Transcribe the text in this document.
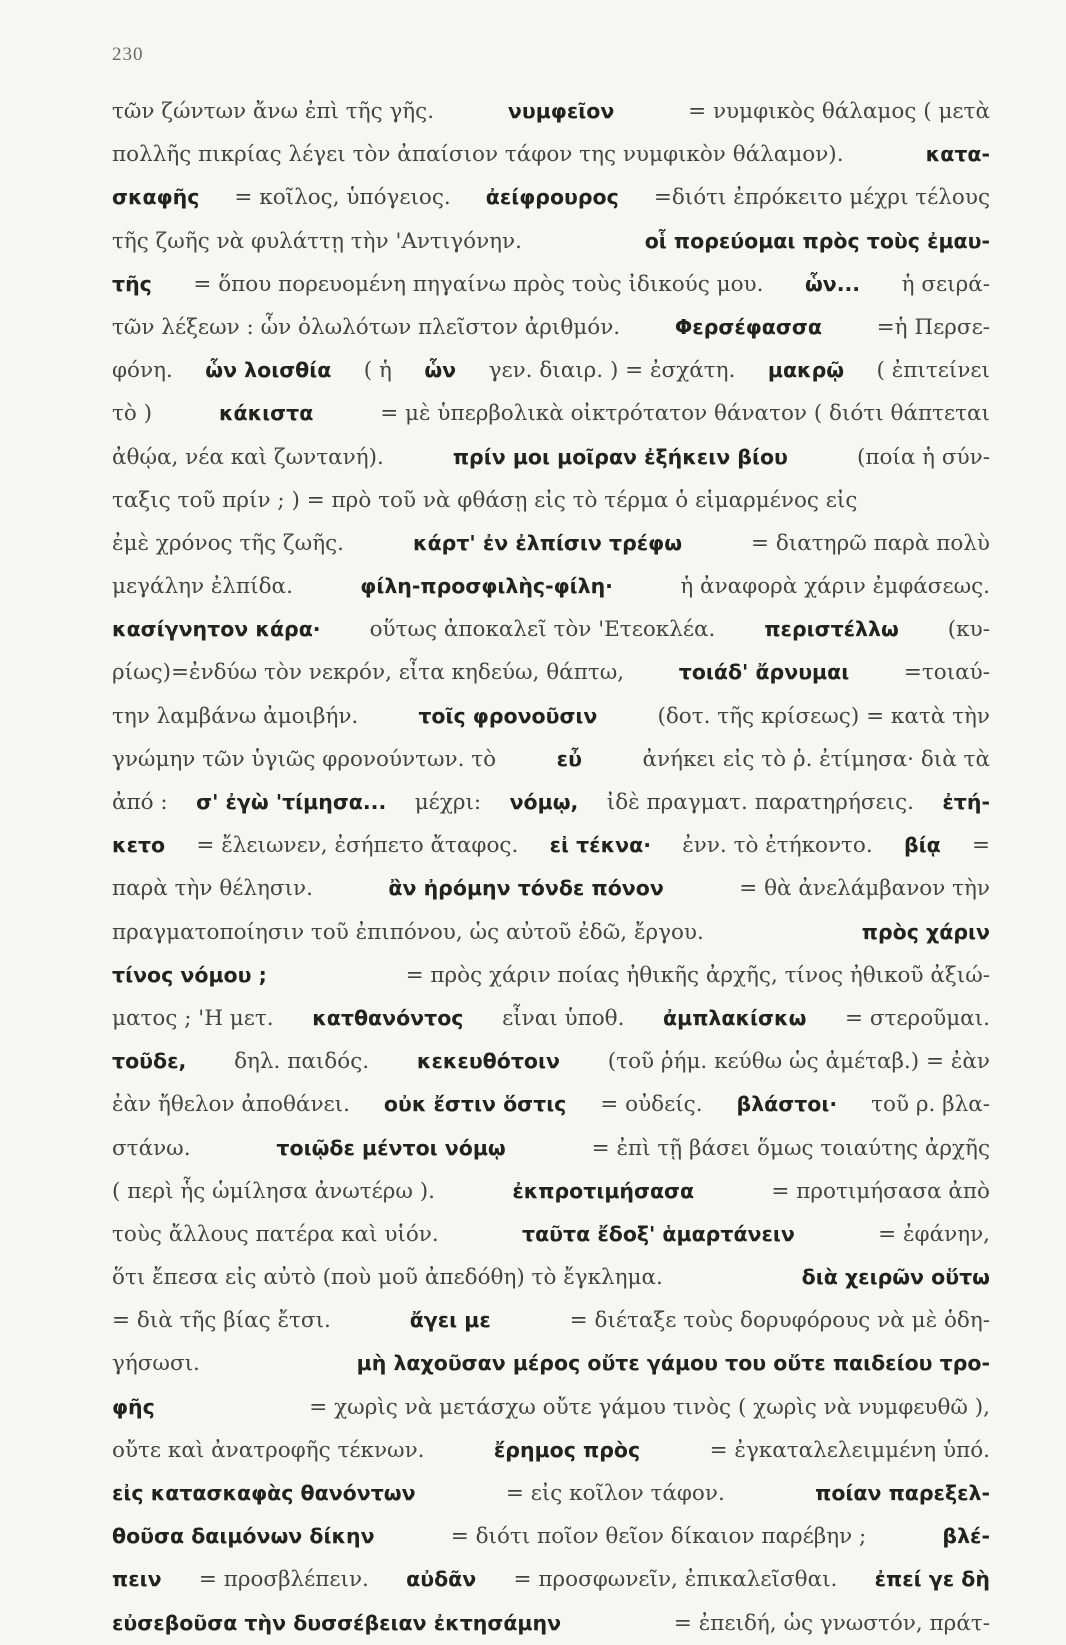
230
τῶν ζώντων ἄνω ἐπὶ τῆς γῆς.	νυμφεῖον	= νυμφικὸς θάλαμος ( μετὰ
πολλῆς πικρίας λέγει τὸν ἀπαίσιον τάφον της νυμφικὸν θάλαμον).	κατα-
σκαφῆς = κοῖλος, ὑπόγειος. ἀείφρουρος =διότι ἐπρόκειτο μέχρι τέλους
τῆς ζωῆς νὰ φυλάττῃ τὴν 'Αντιγόνην.	οἷ πορεύομαι πρὸς τοὺς ἐμαυ-
τῆς = ὅπου πορευομένη πηγαίνω πρὸς τοὺς ἰδικούς μου. ὧν... ἡ σειρά-
τῶν λέξεων : ὧν ὀλωλότων πλεῖστον ἀριθμόν.	Φερσέφασσα	=ἡ Περσε-
φόνη. ὧν λοισθία ( ἡ ὧν γεν. διαιρ. ) = ἐσχάτη. μακρῷ ( ἐπιτείνει
τὸ )	κάκιστα	= μὲ ὑπερβολικὰ οἰκτρότατον θάνατον ( διότι θάπτεται
ἀθῴα, νέα καὶ ζωντανή).	πρίν μοι μοῖραν ἐξήκειν βίου	(ποία ἡ σύν-
ταξις τοῦ πρίν ; ) = πρὸ τοῦ νὰ φθάσῃ εἰς τὸ τέρμα ὁ εἱμαρμένος εἰς
ἐμὲ χρόνος τῆς ζωῆς.	κάρτ' ἐν ἐλπίσιν τρέφω	= διατηρῶ παρὰ πολὺ
μεγάλην ἐλπίδα.	φίλη-προσφιλὴς-φίλη·	ἡ ἀναφορὰ χάριν ἐμφάσεως.
κασίγνητον κάρα· οὕτως ἀποκαλεῖ τὸν 'Ετεοκλέα. περιστέλλω (κυ-
ρίως)=ἐνδύω τὸν νεκρόν, εἶτα κηδεύω, θάπτω,	τοιάδ' ἄρνυμαι	=τοιαύ-
την λαμβάνω ἀμοιβήν.	τοῖς φρονοῦσιν	(δοτ. τῆς κρίσεως) = κατὰ τὴν
γνώμην τῶν ὑγιῶς φρονούντων. τὸ	εὖ	ἀνήκει εἰς τὸ ῥ. ἐτίμησα· διὰ τὰ
ἀπό : σ' ἐγὼ 'τίμησα... μέχρι: νόμῳ, ἰδὲ πραγματ. παρατηρήσεις. ἐτή-
κετο = ἔλειωνεν, ἐσήπετο ἄταφος. εἰ τέκνα· ἐνν. τὸ ἐτήκοντο. βίᾳ =
παρὰ τὴν θέλησιν.	ἂν ἠρόμην τόνδε πόνον	= θὰ ἀνελάμβανον τὴν
πραγματοποίησιν τοῦ ἐπιπόνου, ὡς αὐτοῦ ἐδῶ, ἔργου.	πρὸς χάριν
τίνος νόμου ;	= πρὸς χάριν ποίας ἠθικῆς ἀρχῆς, τίνος ἠθικοῦ ἀξιώ-
ματος ; 'Η μετ. κατθανόντος εἶναι ὑποθ. ἀμπλακίσκω = στεροῦμαι.
τοῦδε, δηλ. παιδός. κεκευθότοιν (τοῦ ῥήμ. κεύθω ὡς ἀμέταβ.) = ἐὰν
ἐὰν ἤθελον ἀποθάνει. οὐκ ἔστιν ὅστις = οὐδείς. βλάστοι· τοῦ ρ. βλα-
στάνω.	τοιῷδε μέντοι νόμῳ	= ἐπὶ τῇ βάσει ὅμως τοιαύτης ἀρχῆς
( περὶ ἧς ὡμίλησα ἀνωτέρω ).	ἐκπροτιμήσασα	= προτιμήσασα ἀπὸ
τοὺς ἄλλους πατέρα καὶ υἱόν.	ταῦτα ἔδοξ' ἁμαρτάνειν	= ἐφάνην,
ὅτι ἔπεσα εἰς αὐτὸ (ποὺ μοῦ ἀπεδόθη) τὸ ἔγκλημα.	διὰ χειρῶν οὕτω
= διὰ τῆς βίας ἔτσι.	ἄγει με	= διέταξε τοὺς δορυφόρους νὰ μὲ ὁδη-
γήσωσι.	μὴ λαχοῦσαν μέρος οὔτε γάμου του οὔτε παιδείου τρο-
φῆς	= χωρὶς νὰ μετάσχω οὔτε γάμου τινὸς ( χωρὶς νὰ νυμφευθῶ ),
οὔτε καὶ ἀνατροφῆς τέκνων.	ἔρημος πρὸς	= ἐγκαταλελειμμένη ὑπό.
εἰς κατασκαφὰς θανόντων	= εἰς κοῖλον τάφον.	ποίαν παρεξελ-
θοῦσα δαιμόνων δίκην	= διότι ποῖον θεῖον δίκαιον παρέβην ;	βλέ-
πειν = προσβλέπειν. αὐδᾶν = προσφωνεῖν, ἐπικαλεῖσθαι. ἐπεί γε δὴ
εὐσεβοῦσα τὴν δυσσέβειαν ἐκτησάμην	= ἐπειδή, ὡς γνωστόν, πράτ-
